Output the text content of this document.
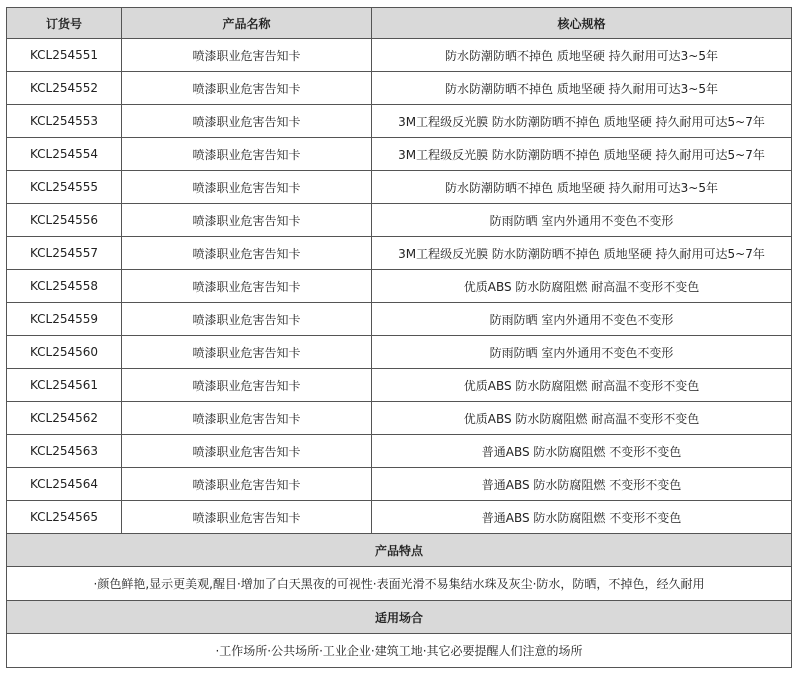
订货号	产品名称	核心规格
KCL254551	喷漆职业危害告知卡	防水防潮防晒不掉色 质地坚硬 持久耐用可达3~5年
KCL254552	喷漆职业危害告知卡	防水防潮防晒不掉色 质地坚硬 持久耐用可达3~5年
KCL254553	喷漆职业危害告知卡	3M工程级反光膜 防水防潮防晒不掉色 质地坚硬 持久耐用可达5~7年
KCL254554	喷漆职业危害告知卡	3M工程级反光膜 防水防潮防晒不掉色 质地坚硬 持久耐用可达5~7年
KCL254555	喷漆职业危害告知卡	防水防潮防晒不掉色 质地坚硬 持久耐用可达3~5年
KCL254556	喷漆职业危害告知卡	防雨防晒 室内外通用不变色不变形
KCL254557	喷漆职业危害告知卡	3M工程级反光膜 防水防潮防晒不掉色 质地坚硬 持久耐用可达5~7年
KCL254558	喷漆职业危害告知卡	优质ABS 防水防腐阻燃 耐高温不变形不变色
KCL254559	喷漆职业危害告知卡	防雨防晒 室内外通用不变色不变形
KCL254560	喷漆职业危害告知卡	防雨防晒 室内外通用不变色不变形
KCL254561	喷漆职业危害告知卡	优质ABS 防水防腐阻燃 耐高温不变形不变色
KCL254562	喷漆职业危害告知卡	优质ABS 防水防腐阻燃 耐高温不变形不变色
KCL254563	喷漆职业危害告知卡	普通ABS 防水防腐阻燃 不变形不变色
KCL254564	喷漆职业危害告知卡	普通ABS 防水防腐阻燃 不变形不变色
KCL254565	喷漆职业危害告知卡	普通ABS 防水防腐阻燃 不变形不变色
产品特点		
·颜色鲜艳,显示更美观,醒目·增加了白天黑夜的可视性·表面光滑不易集结水珠及灰尘·防水，防晒，不掉色，经久耐用		
适用场合		
·工作场所·公共场所·工业企业·建筑工地·其它必要提醒人们注意的场所		
